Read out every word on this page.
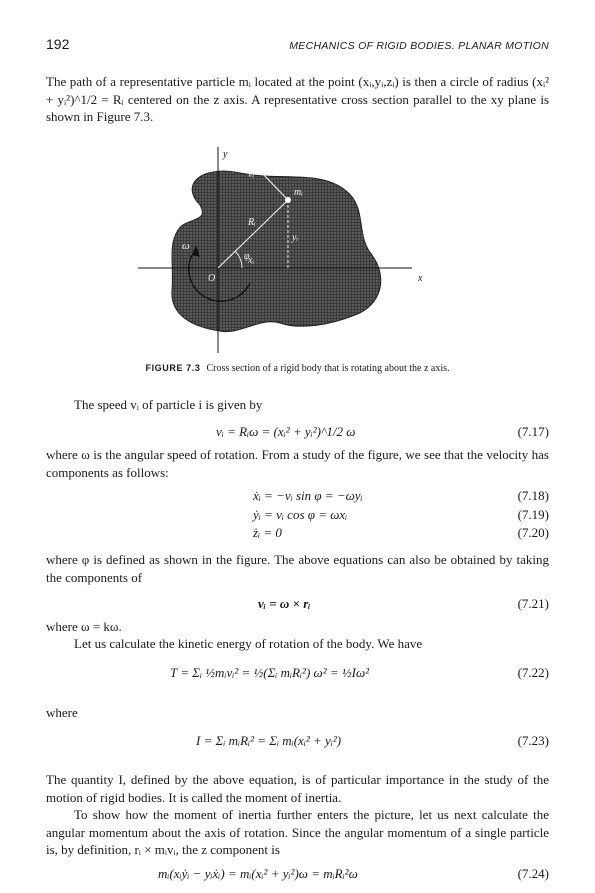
192	MECHANICS OF RIGID BODIES. PLANAR MOTION

The path of a representative particle mᵢ located at the point (xᵢ,yᵢ,zᵢ) is then a circle of radius (xᵢ² + yᵢ²)^1/2 = Rᵢ centered on the z axis. A representative cross section parallel to the xy plane is shown in Figure 7.3.

y
x
O
mᵢ
Rᵢ
vᵢ
xᵢ
yᵢ
φ
ω
FIGURE 7.3 Cross section of a rigid body that is rotating about the z axis.

The speed vᵢ of particle i is given by

vᵢ = Rᵢω = (xᵢ² + yᵢ²)^1/2 ω	(7.17)

where ω is the angular speed of rotation. From a study of the figure, we see that the velocity has components as follows:

ẋᵢ = −vᵢ sin φ = −ωyᵢ	(7.18)
ẏᵢ = vᵢ cos φ = ωxᵢ	(7.19)
żᵢ = 0	(7.20)

where φ is defined as shown in the figure. The above equations can also be obtained by taking the components of

vᵢ = ω × rᵢ	(7.21)

where ω = kω.

Let us calculate the kinetic energy of rotation of the body. We have

T = Σᵢ ½mᵢvᵢ² = ½(Σᵢ mᵢRᵢ²) ω² = ½Iω²	(7.22)

where

I = Σᵢ mᵢRᵢ² = Σᵢ mᵢ(xᵢ² + yᵢ²)	(7.23)

The quantity I, defined by the above equation, is of particular importance in the study of the motion of rigid bodies. It is called the moment of inertia.

To show how the moment of inertia further enters the picture, let us next calculate the angular momentum about the axis of rotation. Since the angular momentum of a single particle is, by definition, rᵢ × mᵢvᵢ, the z component is

mᵢ(xᵢẏᵢ − yᵢẋᵢ) = mᵢ(xᵢ² + yᵢ²)ω = mᵢRᵢ²ω	(7.24)
